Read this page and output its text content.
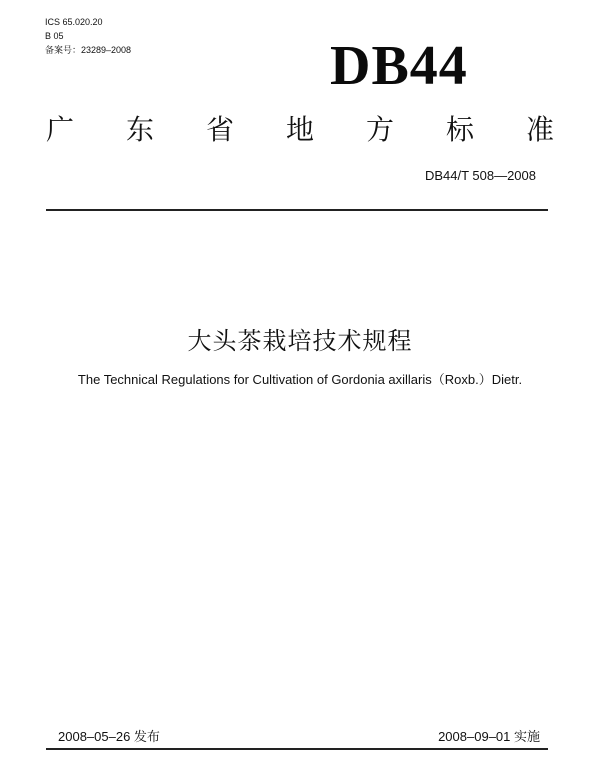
ICS 65.020.20
B 05
备案号：23289–2008	DB44
广 东 省 地 方 标 准
DB44/T 508—2008
大头茶栽培技术规程
The Technical Regulations for Cultivation of Gordonia axillaris（Roxb.）Dietr.
2008–05–26 发布	2008–09–01 实施
